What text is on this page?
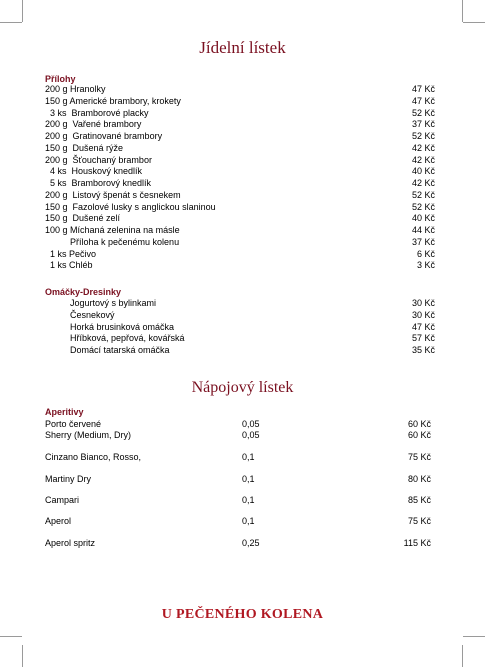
Jídelní lístek
Přílohy
200 g Hranolky	47 Kč
150 g Americké brambory, krokety	47 Kč
3 ks  Bramborové placky	52 Kč
200 g  Vařené brambory	37 Kč
200 g  Gratinované brambory	52 Kč
150 g  Dušená rýže	42 Kč
200 g  Šťouchaný brambor	42 Kč
4 ks  Houskový knedlík	40 Kč
5 ks  Bramborový knedlík	42 Kč
200 g  Listový špenát s česnekem	52 Kč
150 g  Fazolové lusky s anglickou slaninou	52 Kč
150 g  Dušené zelí	40 Kč
100 g Míchaná zelenina na másle	44 Kč
Příloha k pečenému kolenu	37 Kč
1 ks Pečivo	6 Kč
1 ks Chléb	3 Kč
Omáčky-Dresinky
Jogurtový s bylinkami	30 Kč
Česnekový	30 Kč
Horká brusinková omáčka	47 Kč
Hříbková, pepřová, kovářská	57 Kč
Domácí tatarská omáčka	35 Kč
Nápojový lístek
Aperitivy
Porto červené	0,05	60 Kč
Sherry (Medium, Dry)	0,05	60 Kč
Cinzano Bianco, Rosso,	0,1	75 Kč
Martiny Dry	0,1	80 Kč
Campari	0,1	85 Kč
Aperol	0,1	75 Kč
Aperol spritz	0,25	115 Kč
U PEČENÉHO KOLENA
